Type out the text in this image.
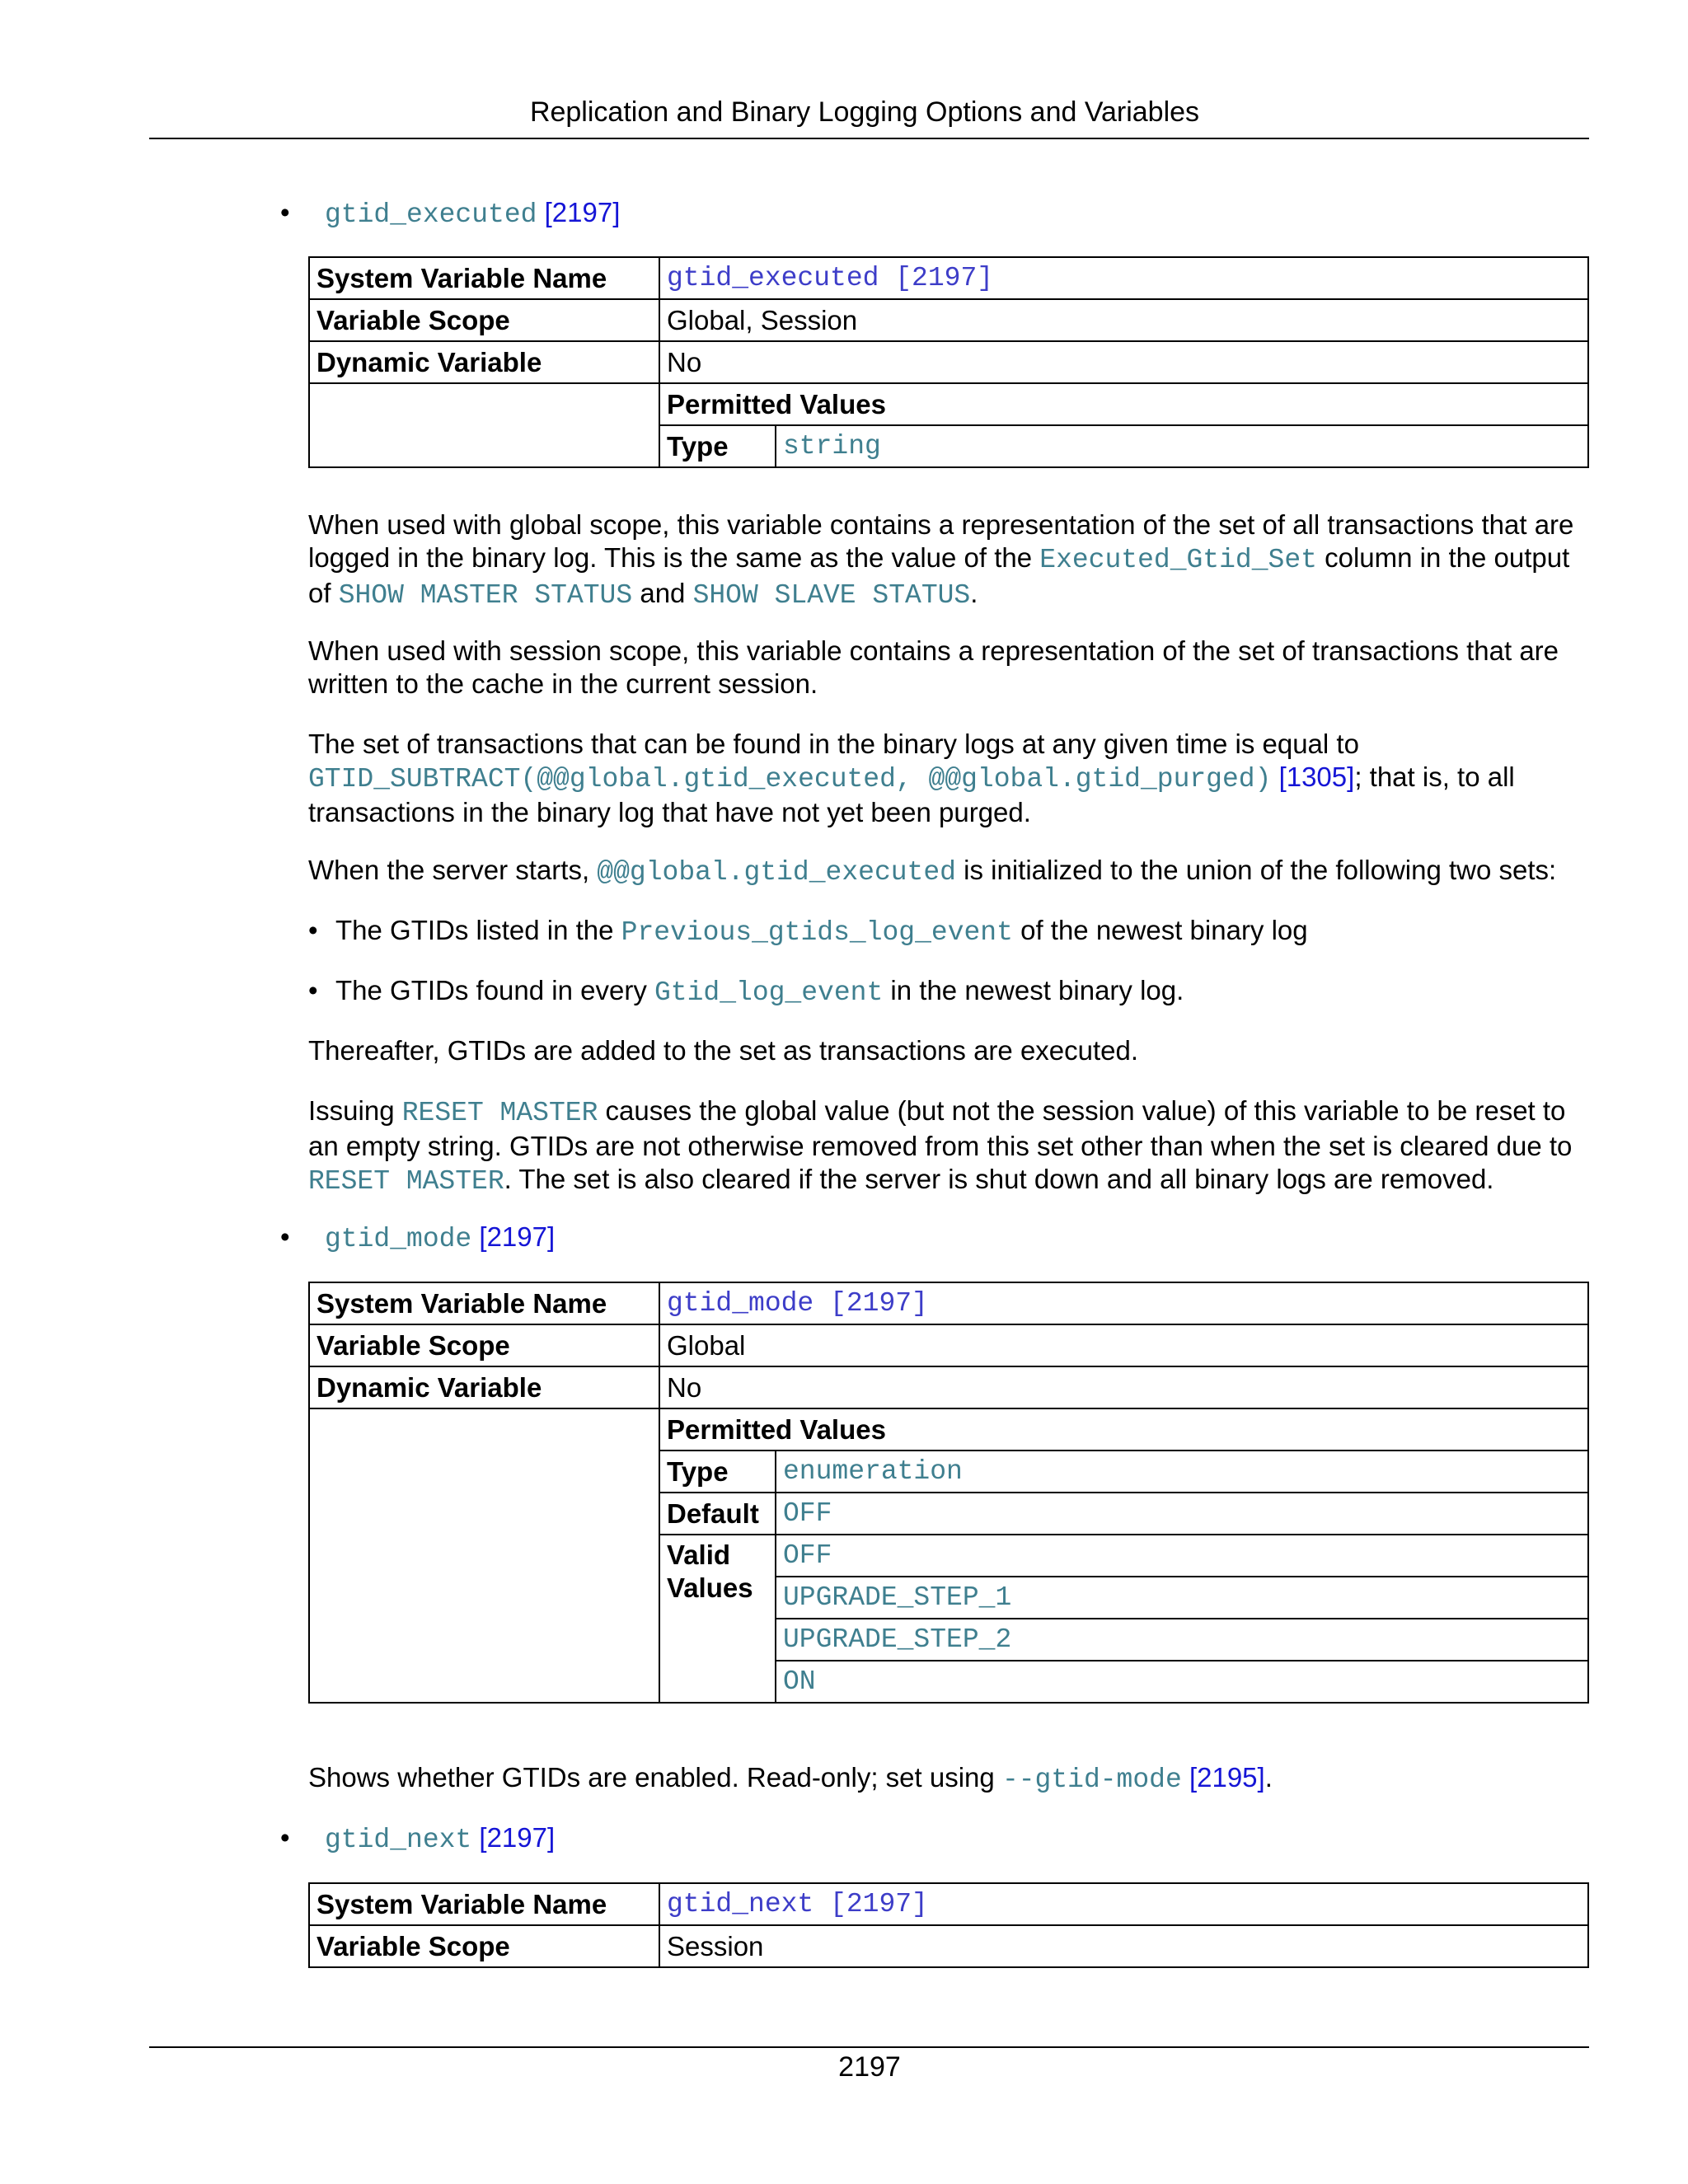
Replication and Binary Logging Options and Variables
• gtid_executed [2197]
System Variable Name	gtid_executed [2197]	
Variable Scope	Global, Session	
Dynamic Variable	No	
	Permitted Values	
	Type	string

When used with global scope, this variable contains a representation of the set of all transactions that are logged in the binary log. This is the same as the value of the Executed_Gtid_Set column in the output of SHOW MASTER STATUS and SHOW SLAVE STATUS.

When used with session scope, this variable contains a representation of the set of transactions that are written to the cache in the current session.

The set of transactions that can be found in the binary logs at any given time is equal to GTID_SUBTRACT(@@global.gtid_executed, @@global.gtid_purged) [1305]; that is, to all transactions in the binary log that have not yet been purged.

When the server starts, @@global.gtid_executed is initialized to the union of the following two sets:

• The GTIDs listed in the Previous_gtids_log_event of the newest binary log
• The GTIDs found in every Gtid_log_event in the newest binary log.

Thereafter, GTIDs are added to the set as transactions are executed.

Issuing RESET MASTER causes the global value (but not the session value) of this variable to be reset to an empty string. GTIDs are not otherwise removed from this set other than when the set is cleared due to RESET MASTER. The set is also cleared if the server is shut down and all binary logs are removed.

• gtid_mode [2197]
System Variable Name	gtid_mode [2197]	
Variable Scope	Global	
Dynamic Variable	No	
	Permitted Values	
	Type	enumeration
	Default	OFF
	Valid Values	OFF
		UPGRADE_STEP_1
		UPGRADE_STEP_2
		ON

Shows whether GTIDs are enabled. Read-only; set using --gtid-mode [2195].

• gtid_next [2197]
System Variable Name	gtid_next [2197]
Variable Scope	Session
2197
